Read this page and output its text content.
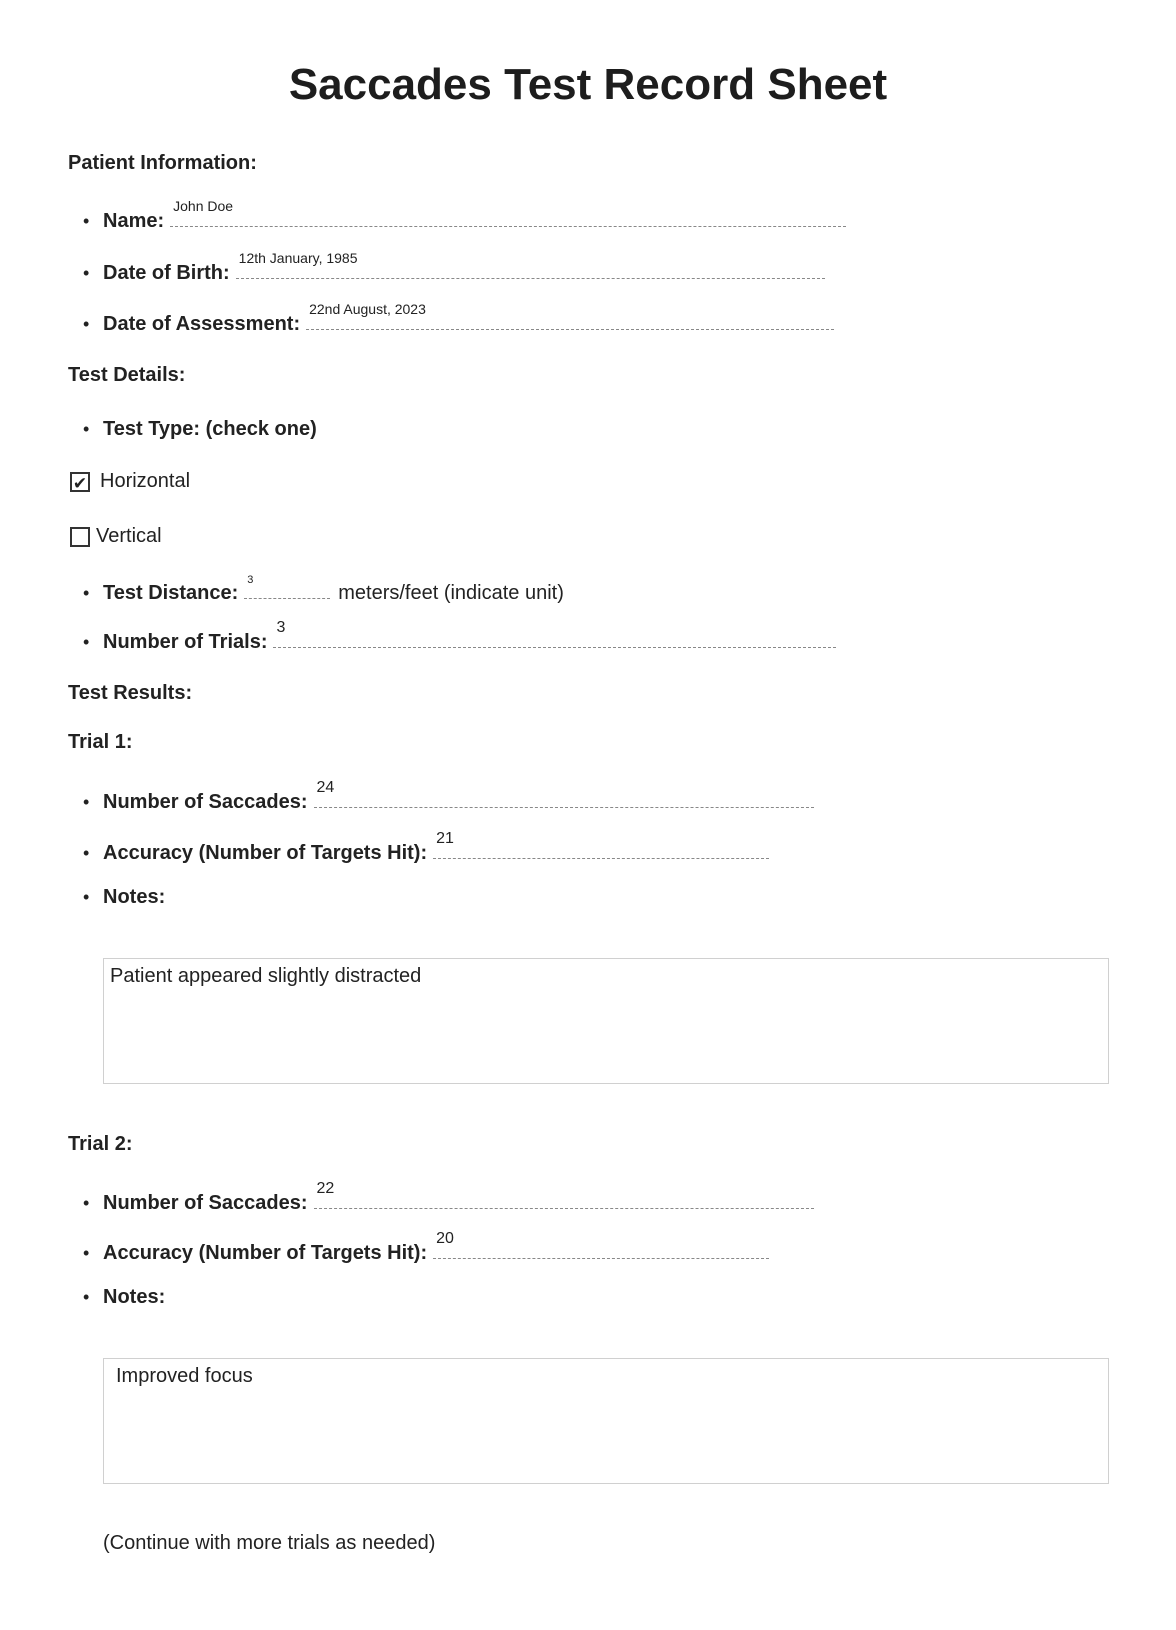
Saccades Test Record Sheet
Patient Information:
• Name:
John Doe
• Date of Birth:
12th January, 1985
• Date of Assessment:
22nd August, 2023
Test Details:
• Test Type: (check one)
✔ Horizontal
Vertical
• Test Distance:
3
meters/feet (indicate unit)
• Number of Trials:
3
Test Results:
Trial 1:
• Number of Saccades:
24
• Accuracy (Number of Targets Hit):
21
• Notes:
Patient appeared slightly distracted
Trial 2:
• Number of Saccades:
22
• Accuracy (Number of Targets Hit):
20
• Notes:
Improved focus
(Continue with more trials as needed)
